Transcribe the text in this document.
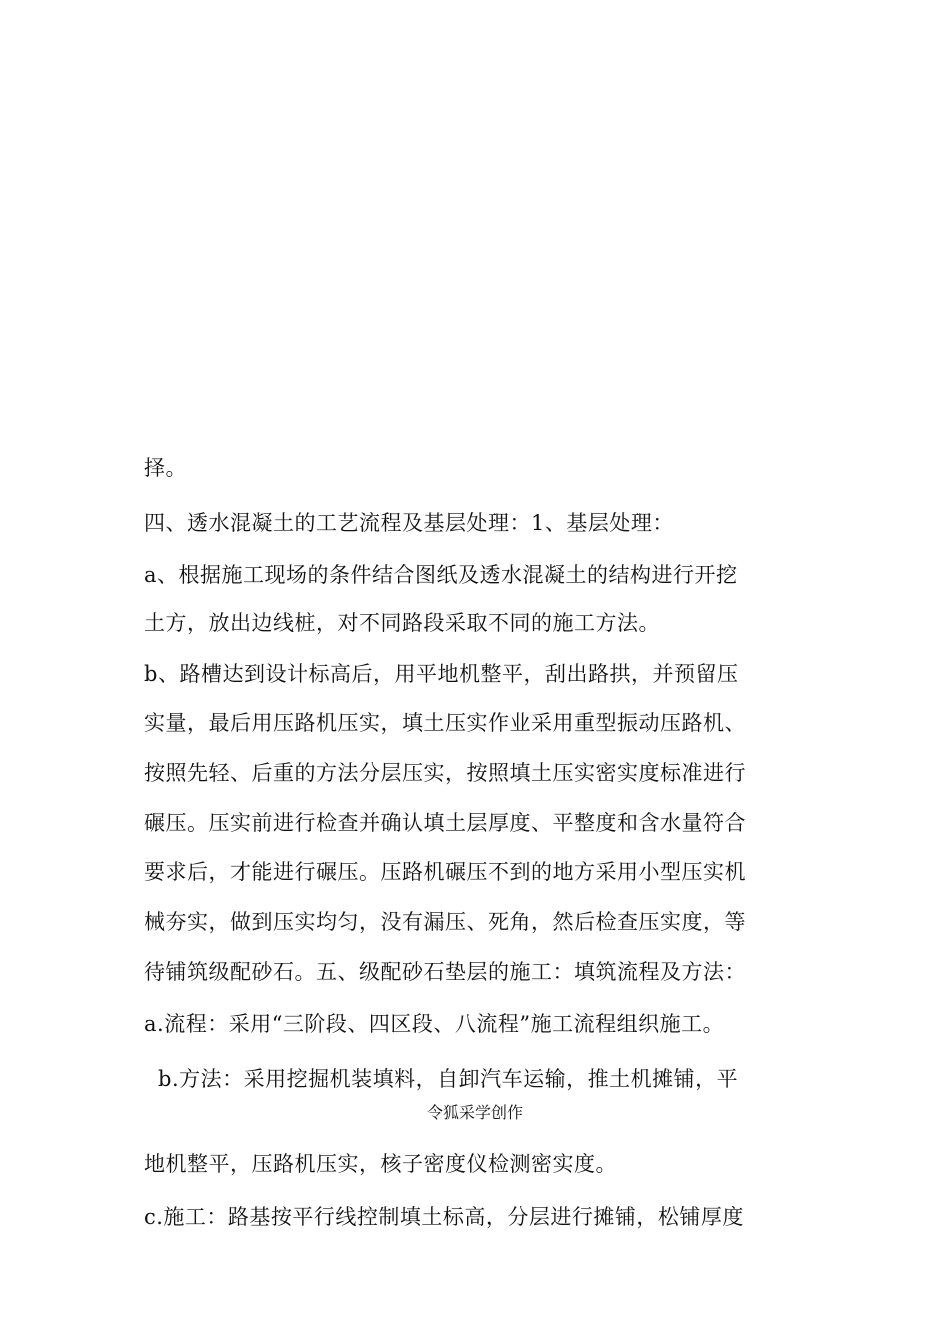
择。
四、透水混凝土的工艺流程及基层处理：1、基层处理：
a、根据施工现场的条件结合图纸及透水混凝土的结构进行开挖
土方，放出边线桩，对不同路段采取不同的施工方法。
b、路槽达到设计标高后，用平地机整平，刮出路拱，并预留压
实量，最后用压路机压实，填土压实作业采用重型振动压路机、
按照先轻、后重的方法分层压实，按照填土压实密实度标准进行
碾压。压实前进行检查并确认填土层厚度、平整度和含水量符合
要求后，才能进行碾压。压路机碾压不到的地方采用小型压实机
械夯实，做到压实均匀，没有漏压、死角，然后检查压实度，等
待铺筑级配砂石。五、级配砂石垫层的施工：填筑流程及方法：
a.流程：采用“三阶段、四区段、八流程”施工流程组织施工。
b.方法：采用挖掘机装填料，自卸汽车运输，推土机摊铺，平
令狐采学创作
地机整平，压路机压实，核子密度仪检测密实度。
c.施工：路基按平行线控制填土标高，分层进行摊铺，松铺厚度
